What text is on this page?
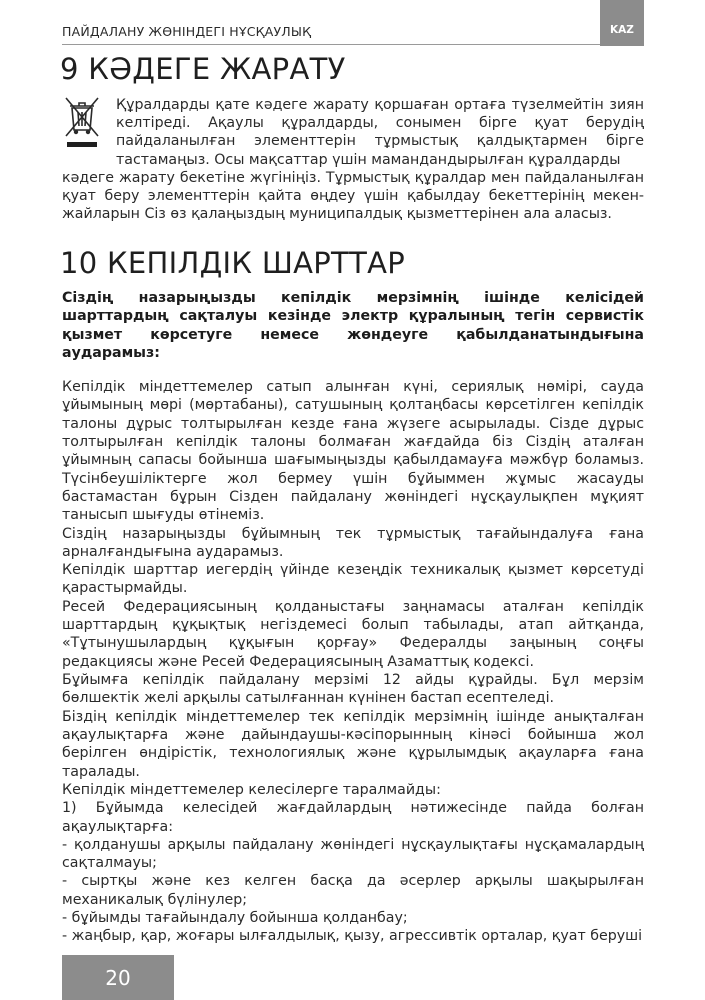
ПАЙДАЛАНУ ЖӨНІНДЕГІ НҰСҚАУЛЫҚ	KAZ
9 КӘДЕГЕ ЖАРАТУ

Құралдарды қате кәдеге жарату қоршаған ортаға түзелмейтін зиян келтіреді. Ақаулы құралдарды, сонымен бірге қуат берудің пайдаланылған элементтерін тұрмыстық қалдықтармен бірге тастамаңыз. Осы мақсаттар үшін мамандандырылған құралдарды

кәдеге жарату бекетіне жүгініңіз. Тұрмыстық құралдар мен пайдаланылған қуат беру элементтерін қайта өңдеу үшін қабылдау бекеттерінің мекен-жайларын Сіз өз қалаңыздың муниципалдық қызметтерінен ала аласыз.

10 КЕПІЛДІК ШАРТТАР

Сіздің назарыңызды кепілдік мерзімнің ішінде келісідей шарттардың сақталуы кезінде электр құралының тегін сервистік қызмет көрсетуге немесе жөндеуге қабылданатындығына аударамыз:

Кепілдік міндеттемелер сатып алынған күні, сериялық нөмірі, сауда ұйымының мөрі (мөртабаны), сатушының қолтаңбасы көрсетілген кепілдік талоны дұрыс толтырылған кезде ғана жүзеге асырылады. Сізде дұрыс толтырылған кепілдік талоны болмаған жағдайда біз Сіздің аталған ұйымның сапасы бойынша шағымыңызды қабылдамауға мәжбүр боламыз. Түсінбеушіліктерге жол бермеу үшін бұйыммен жұмыс жасауды бастамастан бұрын Сізден пайдалану жөніндегі нұсқаулықпен мұқият танысып шығуды өтінеміз.

Сіздің назарыңызды бұйымның тек тұрмыстық тағайындалуға ғана арналғандығына аударамыз.

Кепілдік шарттар иегердің үйінде кезеңдік техникалық қызмет көрсетуді қарастырмайды.

Ресей Федерациясының қолданыстағы заңнамасы аталған кепілдік шарттардың құқықтық негіздемесі болып табылады, атап айтқанда, «Тұтынушылардың құқығын қорғау» Федералды заңының соңғы редакциясы және Ресей Федерациясының Азаматтық кодексі.

Бұйымға кепілдік пайдалану мерзімі 12 айды құрайды. Бұл мерзім бөлшектік желі арқылы сатылғаннан күнінен бастап есептеледі.

Біздің кепілдік міндеттемелер тек кепілдік мерзімнің ішінде анықталған ақаулықтарға және дайындаушы-кәсіпорынның кінәсі бойынша жол берілген өндірістік, технологиялық және құрылымдық ақауларға ғана таралады.

Кепілдік міндеттемелер келесілерге таралмайды:

1) Бұйымда келесідей жағдайлардың нәтижесінде пайда болған ақаулықтарға:

- қолданушы арқылы пайдалану жөніндегі нұсқаулықтағы нұсқамалардың сақталмауы;

- сыртқы және кез келген басқа да әсерлер арқылы шақырылған механикалық бүлінулер;

- бұйымды тағайындалу бойынша қолданбау;

- жаңбыр, қар, жоғары ылғалдылық, қызу, агрессивтік орталар, қуат беруші

20
